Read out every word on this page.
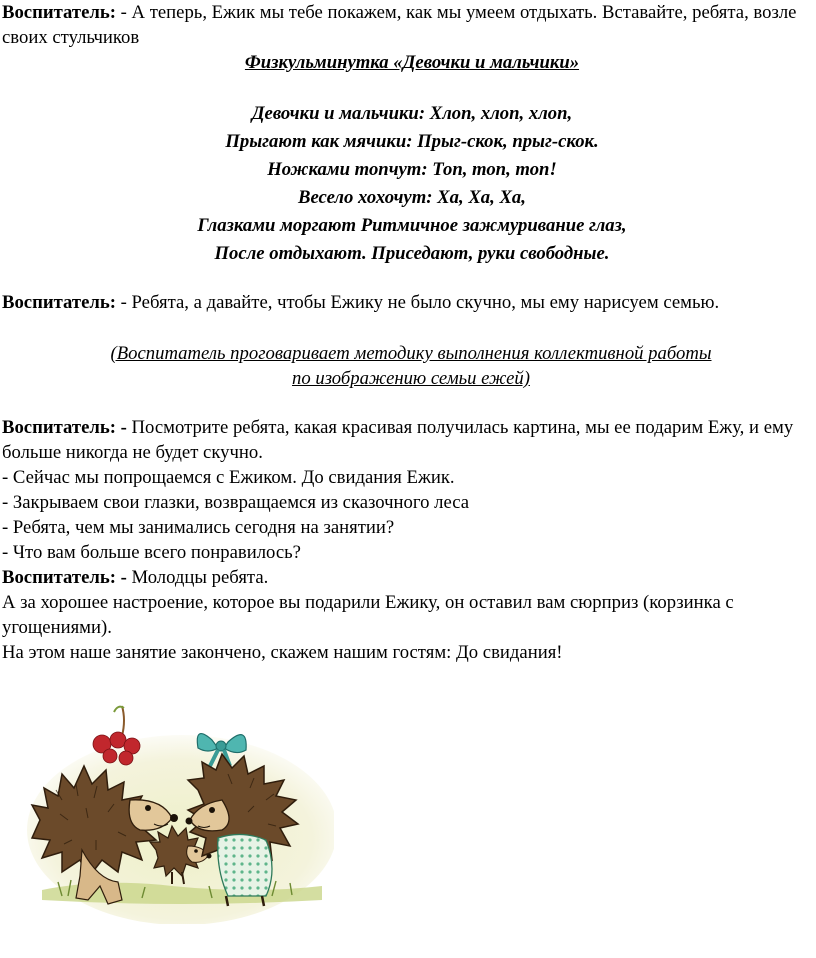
Воспитатель: - А теперь, Ежик мы тебе покажем, как мы умеем отдыхать. Вставайте, ребята, возле своих стульчиков

Физкульминутка «Девочки и мальчики»

Девочки и мальчики: Хлоп, хлоп, хлоп,
Прыгают как мячики: Прыг-скок, прыг-скок.
Ножками топчут: Топ, топ, топ!
Весело хохочут: Ха, Ха, Ха,
Глазками моргают Ритмичное зажмуривание глаз,
После отдыхают. Приседают, руки свободные.

Воспитатель: - Ребята, а давайте, чтобы Ежику не было скучно, мы ему нарисуем семью.

(Воспитатель проговаривает методику выполнения коллективной работы
по изображению семьи ежей)

Воспитатель: - Посмотрите ребята, какая красивая получилась картина, мы ее подарим Ежу, и ему больше никогда не будет скучно.

- Сейчас мы попрощаемся с Ежиком. До свидания Ежик.
- Закрываем свои глазки, возвращаемся из сказочного леса
- Ребята, чем мы занимались сегодня на занятии?
- Что вам больше всего понравилось?

Воспитатель: - Молодцы ребята.

А за хорошее настроение, которое вы подарили Ежику, он оставил вам сюрприз (корзинка с угощениями).

На этом наше занятие закончено, скажем нашим гостям: До свидания!
